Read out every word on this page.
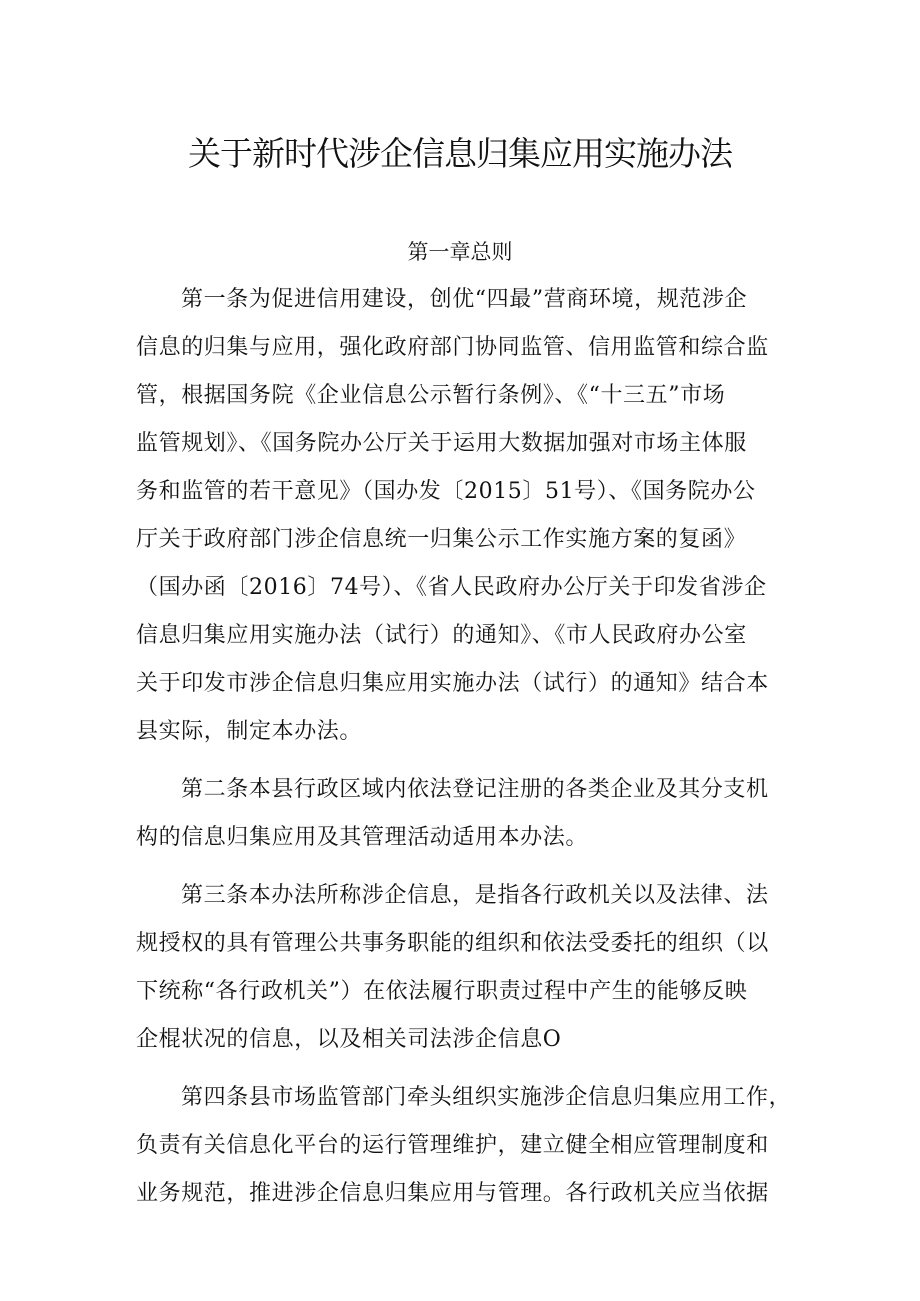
关于新时代涉企信息归集应用实施办法
第一章总则
第一条为促进信用建设，创优“四最”营商环境，规范涉企
信息的归集与应用，强化政府部门协同监管、信用监管和综合监
管，根据国务院《企业信息公示暂行条例》、《“十三五”市场
监管规划》、《国务院办公厅关于运用大数据加强对市场主体服
务和监管的若干意见》（国办发〔2015〕51号）、《国务院办公
厅关于政府部门涉企信息统一归集公示工作实施方案的复函》
（国办函〔2016〕74号）、《省人民政府办公厅关于印发省涉企
信息归集应用实施办法（试行）的通知》、《市人民政府办公室
关于印发市涉企信息归集应用实施办法（试行）的通知》结合本
县实际，制定本办法。
第二条本县行政区域内依法登记注册的各类企业及其分支机
构的信息归集应用及其管理活动适用本办法。
第三条本办法所称涉企信息，是指各行政机关以及法律、法
规授权的具有管理公共事务职能的组织和依法受委托的组织（以
下统称“各行政机关”）在依法履行职责过程中产生的能够反映
企棍状况的信息，以及相关司法涉企信息O
第四条县市场监管部门牵头组织实施涉企信息归集应用工作，
负责有关信息化平台的运行管理维护，建立健全相应管理制度和
业务规范，推进涉企信息归集应用与管理。各行政机关应当依据
